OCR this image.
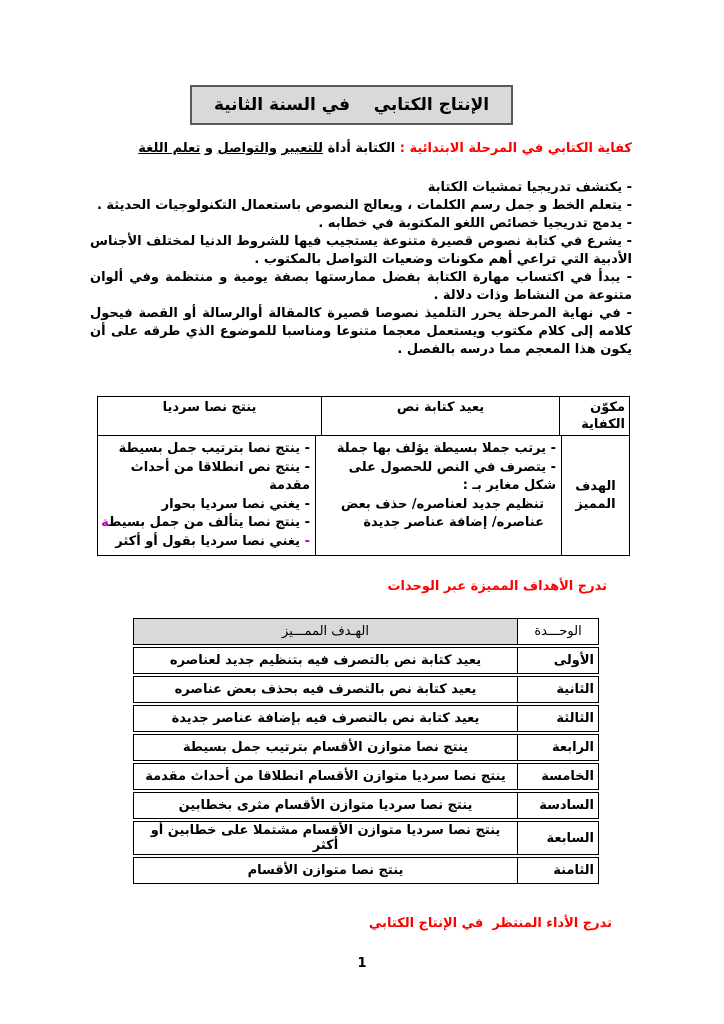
الإنتاج الكتابي    في السنة الثانية
كفاية الكتابي في المرحلة الابتدائية : الكتابة أداة للتعبير والتواصل و تعلم اللغة

- يكتشف تدريجيا تمشيات الكتابة

- يتعلم الخط و جمل رسم الكلمات ، ويعالج النصوص باستعمال التكنولوجيات الحديثة .

- يدمج تدريجيا خصائص اللغو المكتوبة في خطابه .

- يشرع في كتابة نصوص قصيرة متنوعة يستجيب فيها للشروط الدنيا لمختلف الأجناس الأدبية التي تراعي أهم مكونات وضعيات التواصل بالمكتوب .

- يبدأ في اكتساب مهارة الكتابة بفضل ممارستها بصفة يومية و منتظمة وفي ألوان متنوعة من النشاط وذات دلالة .

- في نهاية المرحلة يحرر التلميذ نصوصا قصيرة كالمقالة أوالرسالة أو القصة فيحول كلامه إلى كلام مكتوب ويستعمل معجما متنوعا ومناسبا للموضوع الذي طرقه على أن يكون هذا المعجم مما درسه بالفصل .

مكوّن الكفاية
يعيد كتابة نص
ينتج نصا سرديا
الهدف المميز

- يرتب جملا بسيطة يؤلف بها جملة

- يتصرف في النص للحصول على شكل مغاير بـ :

تنظيم جديد لعناصره/ حذف بعض عناصره/ إضافة عناصر جديدة

- ينتج نصا بترتيب جمل بسيطة

- ينتج نص انطلاقا من أحداث مقدمة

- يغني نصا سرديا بحوار

- ينتج نصا يتألف من جمل بسيطة

- يغني نصا سرديا بقول أو أكثر

تدرج الأهداف المميزة عبر الوحدات
الوحـــدة
الهـدف الممـــيز
الأولى
يعيد كتابة نص بالتصرف فيه بتنظيم جديد لعناصره
الثانية
يعيد كتابة نص بالتصرف فيه بحذف بعض عناصره
الثالثة
يعيد كتابة نص بالتصرف فيه بإضافة عناصر جديدة
الرابعة
ينتج نصا متوازن الأقسام بترتيب جمل بسيطة
الخامسة
ينتج نصا سرديا متوازن الأقسام انطلاقا من أحداث مقدمة
السادسة
ينتج نصا سرديا متوازن الأقسام مثرى بخطابين
السابعة
ينتج نصا سرديا متوازن الأقسام مشتملا على خطابين أو أكثر
الثامنة
ينتج نصا متوازن الأقسام
تدرج الأداء المنتظر  في الإنتاج الكتابي
1
